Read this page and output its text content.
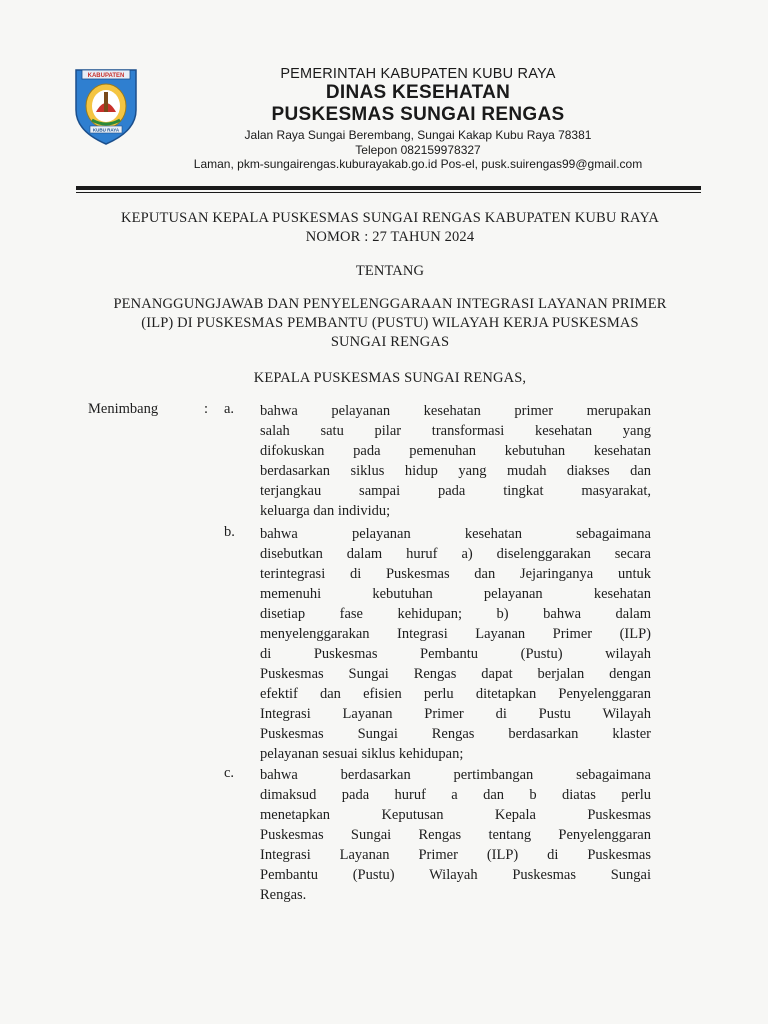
KABUPATEN
KUBU RAYA
PEMERINTAH KABUPATEN KUBU RAYA
DINAS KESEHATAN
PUSKESMAS SUNGAI RENGAS
Jalan Raya Sungai Berembang, Sungai Kakap Kubu Raya 78381
Telepon 082159978327
Laman, pkm-sungairengas.kuburayakab.go.id Pos-el, pusk.suirengas99@gmail.com
KEPUTUSAN KEPALA PUSKESMAS SUNGAI RENGAS KABUPATEN KUBU RAYA
NOMOR : 27 TAHUN 2024
TENTANG
PENANGGUNGJAWAB DAN PENYELENGGARAAN INTEGRASI LAYANAN PRIMER
(ILP) DI PUSKESMAS PEMBANTU (PUSTU) WILAYAH KERJA PUSKESMAS
SUNGAI RENGAS
KEPALA PUSKESMAS SUNGAI RENGAS,
Menimbang	: a.
b.
c.
bahwa pelayanan kesehatan primer merupakan
salah satu pilar transformasi kesehatan yang
difokuskan pada pemenuhan kebutuhan kesehatan
berdasarkan siklus hidup yang mudah diakses dan
terjangkau sampai pada tingkat masyarakat,
keluarga dan individu;
bahwa pelayanan kesehatan sebagaimana
disebutkan dalam huruf a) diselenggarakan secara
terintegrasi di Puskesmas dan Jejaringanya untuk
memenuhi kebutuhan pelayanan kesehatan
disetiap fase kehidupan; b) bahwa dalam
menyelenggarakan Integrasi Layanan Primer (ILP)
di Puskesmas Pembantu (Pustu) wilayah
Puskesmas Sungai Rengas dapat berjalan dengan
efektif dan efisien perlu ditetapkan Penyelenggaran
Integrasi Layanan Primer di Pustu Wilayah
Puskesmas Sungai Rengas berdasarkan klaster
pelayanan sesuai siklus kehidupan;
bahwa berdasarkan pertimbangan sebagaimana
dimaksud pada huruf a dan b diatas perlu
menetapkan Keputusan Kepala Puskesmas
Puskesmas Sungai Rengas tentang Penyelenggaran
Integrasi Layanan Primer (ILP) di Puskesmas
Pembantu (Pustu) Wilayah Puskesmas Sungai
Rengas.
